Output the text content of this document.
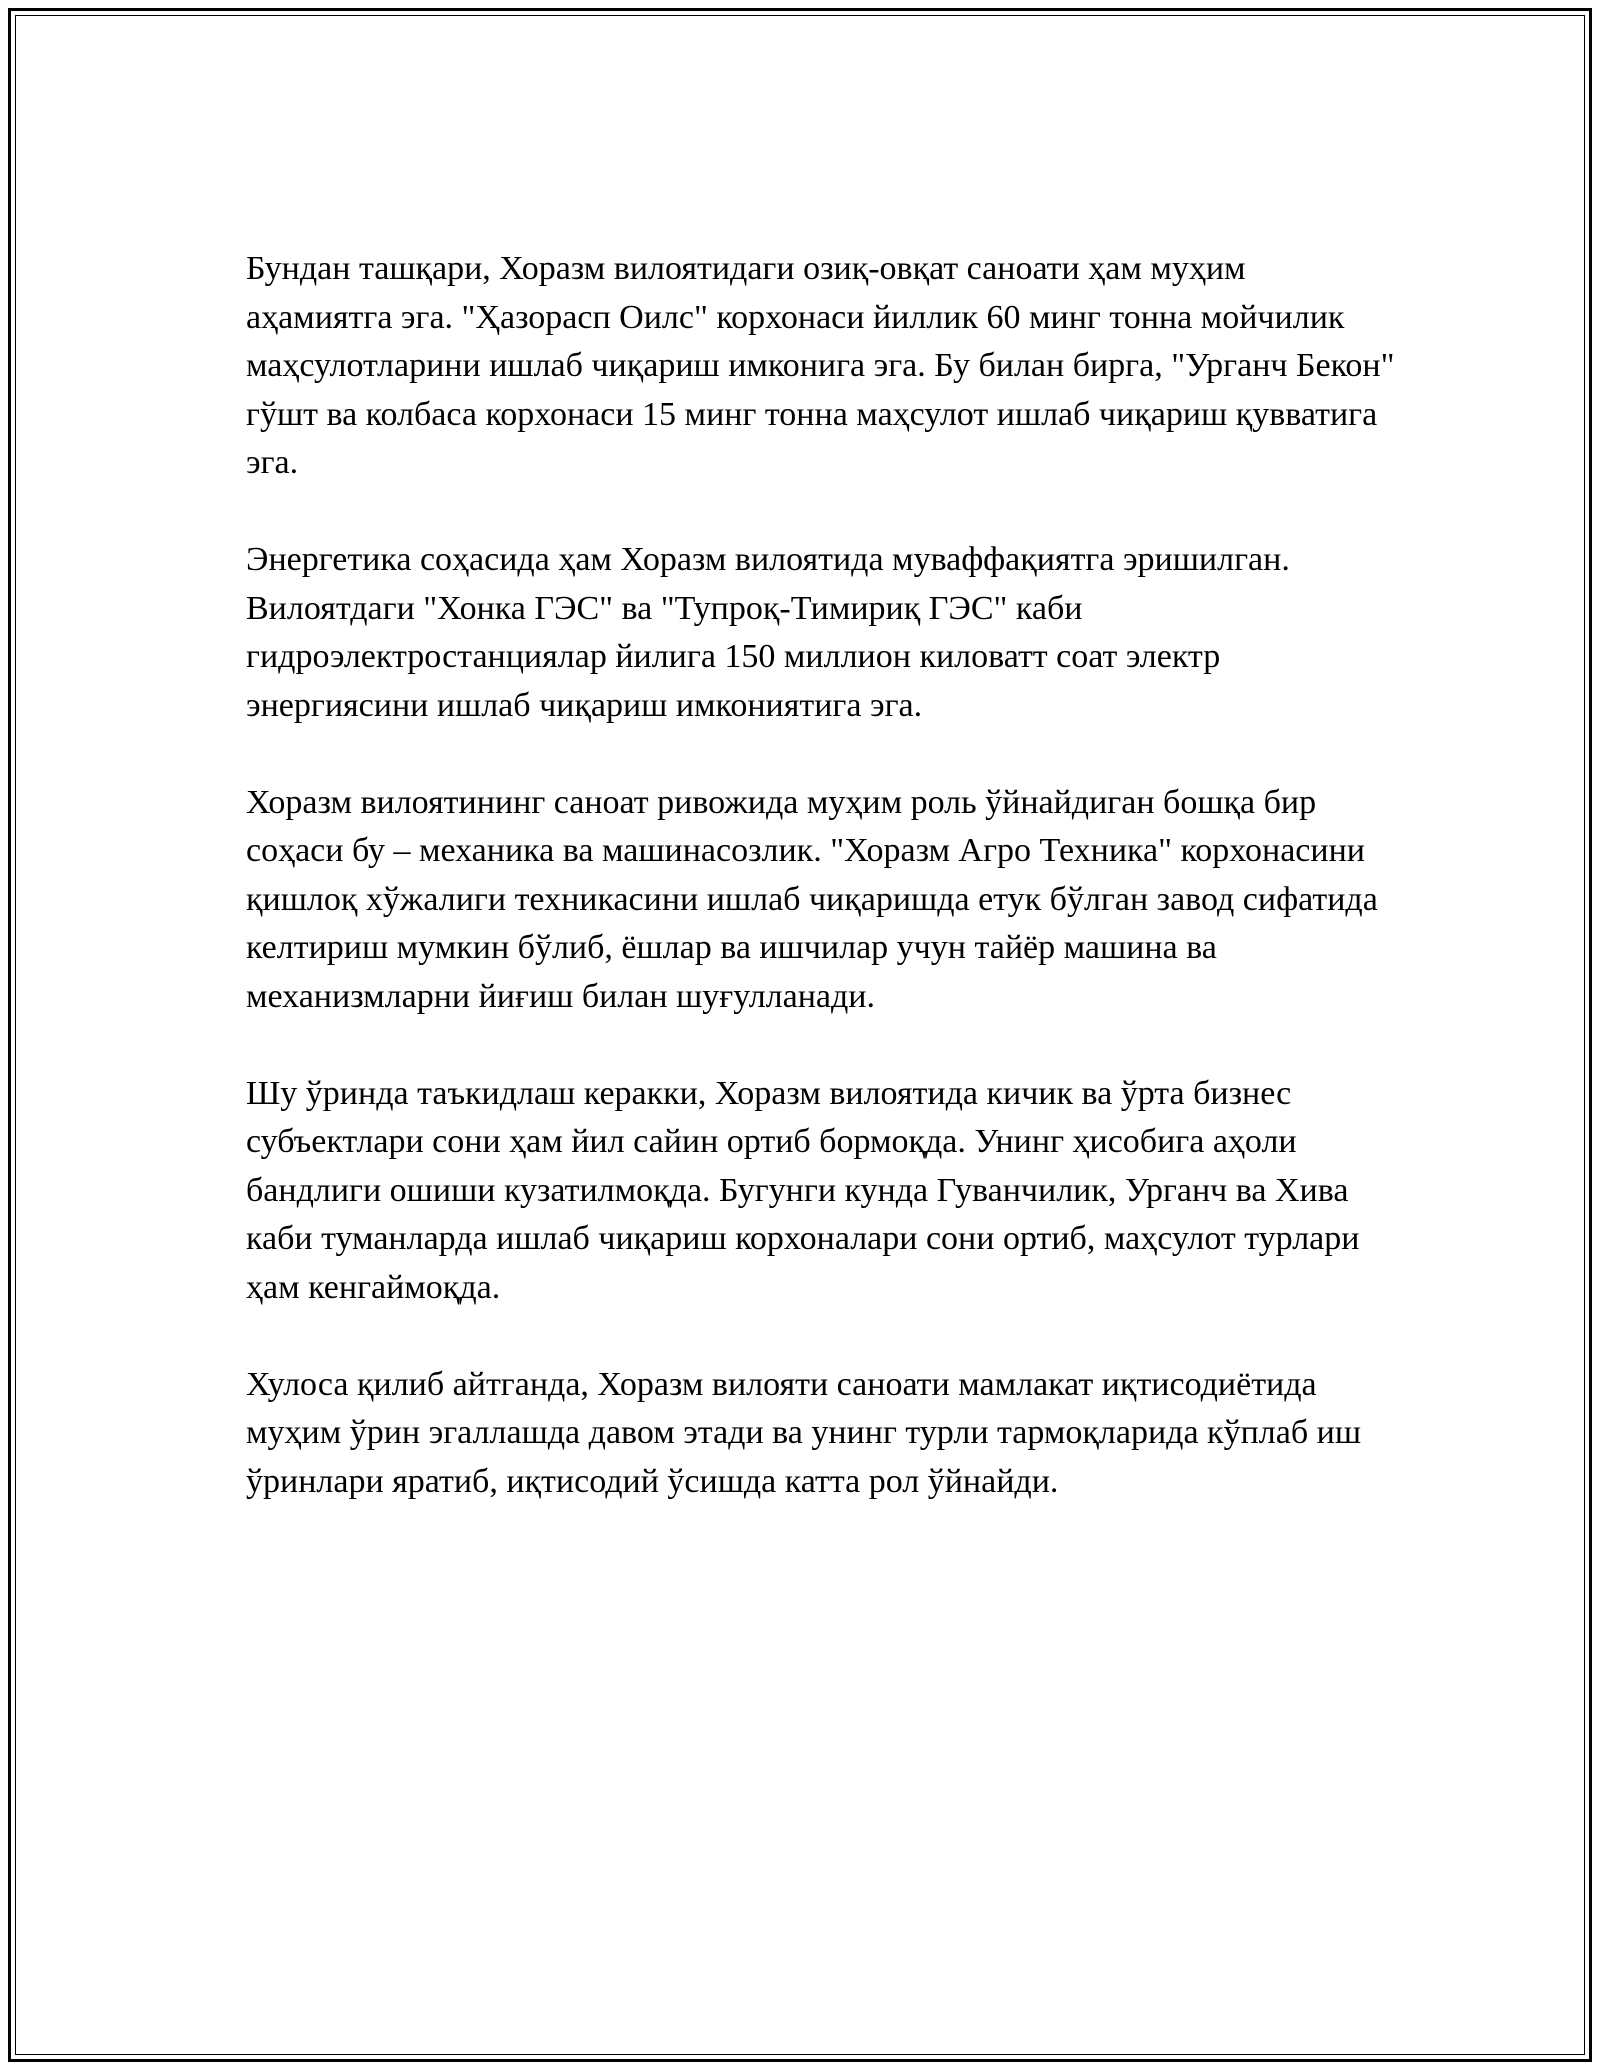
Бундан ташқари, Хоразм вилоятидаги озиқ-овқат саноати ҳам муҳим аҳамиятга эга. "Ҳазорасп Оилс" корхонаси йиллик 60 минг тонна мойчилик маҳсулотларини ишлаб чиқариш имконига эга. Бу билан бирга, "Урганч Бекон" гўшт ва колбаса корхонаси 15 минг тонна маҳсулот ишлаб чиқариш қувватига эга.

Энергетика соҳасида ҳам Хоразм вилоятида муваффақиятга эришилган. Вилоятдаги "Хонка ГЭС" ва "Тупроқ-Тимириқ ГЭС" каби гидроэлектростанциялар йилига 150 миллион киловатт соат электр энергиясини ишлаб чиқариш имкониятига эга.

Хоразм вилоятининг саноат ривожида муҳим роль ўйнайдиган бошқа бир соҳаси бу – механика ва машинасозлик. "Хоразм Агро Техника" корхонасини қишлоқ хўжалиги техникасини ишлаб чиқаришда етук бўлган завод сифатида келтириш мумкин бўлиб, ёшлар ва ишчилар учун тайёр машина ва механизмларни йиғиш билан шуғулланади.

Шу ўринда таъкидлаш керакки, Хоразм вилоятида кичик ва ўрта бизнес субъектлари сони ҳам йил сайин ортиб бормоқда. Унинг ҳисобига аҳоли бандлиги ошиши кузатилмоқда. Бугунги кунда Гуванчилик, Урганч ва Хива каби туманларда ишлаб чиқариш корхоналари сони ортиб, маҳсулот турлари ҳам кенгаймоқда.

Хулоса қилиб айтганда, Хоразм вилояти саноати мамлакат иқтисодиётида муҳим ўрин эгаллашда давом этади ва унинг турли тармоқларида кўплаб иш ўринлари яратиб, иқтисодий ўсишда катта рол ўйнайди.
